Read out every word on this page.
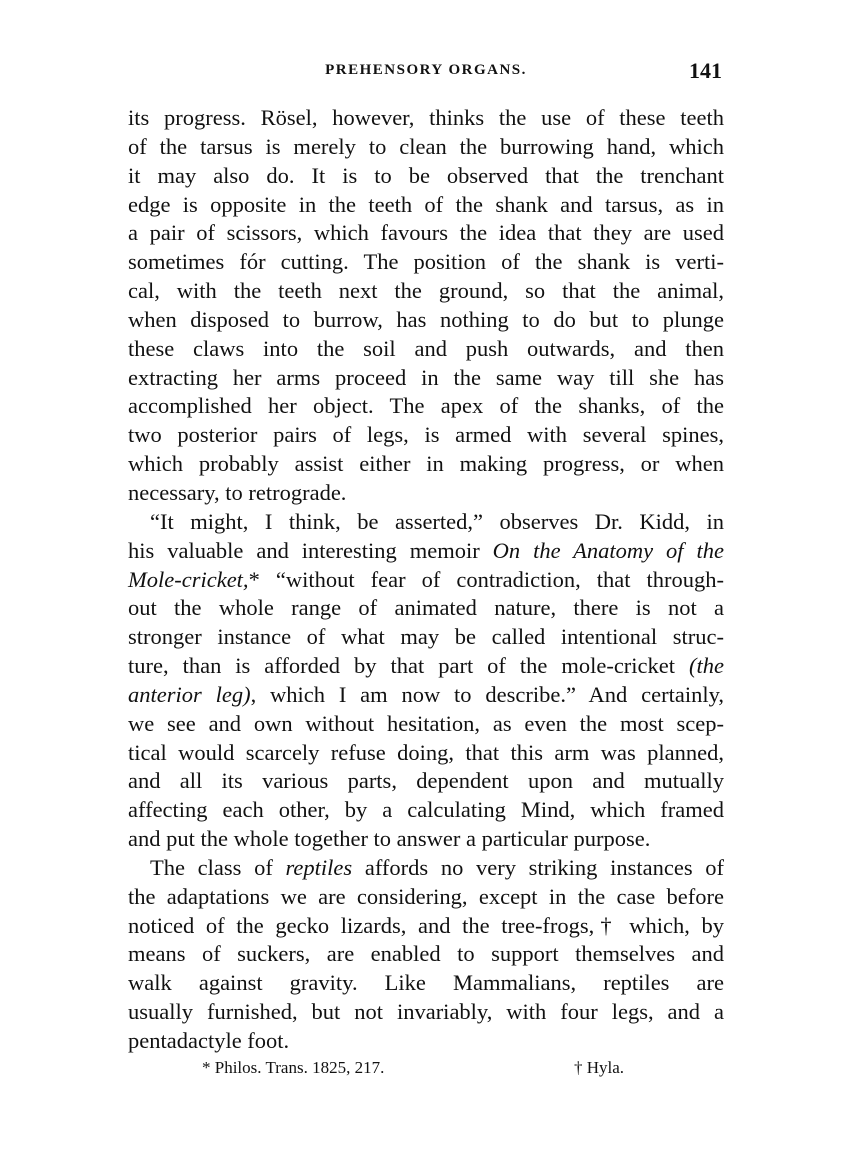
PREHENSORY ORGANS.	141

its progress. Rösel, however, thinks the use of these teeth
of the tarsus is merely to clean the burrowing hand, which
it may also do. It is to be observed that the trenchant
edge is opposite in the teeth of the shank and tarsus, as in
a pair of scissors, which favours the idea that they are used
sometimes fór cutting. The position of the shank is verti-
cal, with the teeth next the ground, so that the animal,
when disposed to burrow, has nothing to do but to plunge
these claws into the soil and push outwards, and then
extracting her arms proceed in the same way till she has
accomplished her object. The apex of the shanks, of the
two posterior pairs of legs, is armed with several spines,
which probably assist either in making progress, or when
necessary, to retrograde.

“It might, I think, be asserted,” observes Dr. Kidd, in
his valuable and interesting memoir On the Anatomy of the
Mole-cricket,* “without fear of contradiction, that through-
out the whole range of animated nature, there is not a
stronger instance of what may be called intentional struc-
ture, than is afforded by that part of the mole-cricket (the
anterior leg), which I am now to describe.” And certainly,
we see and own without hesitation, as even the most scep-
tical would scarcely refuse doing, that this arm was planned,
and all its various parts, dependent upon and mutually
affecting each other, by a calculating Mind, which framed
and put the whole together to answer a particular purpose.

The class of reptiles affords no very striking instances of
the adaptations we are considering, except in the case before
noticed of the gecko lizards, and the tree-frogs,† which, by
means of suckers, are enabled to support themselves and
walk against gravity. Like Mammalians, reptiles are
usually furnished, but not invariably, with four legs, and a
pentadactyle foot.

* Philos. Trans. 1825, 217.	† Hyla.
